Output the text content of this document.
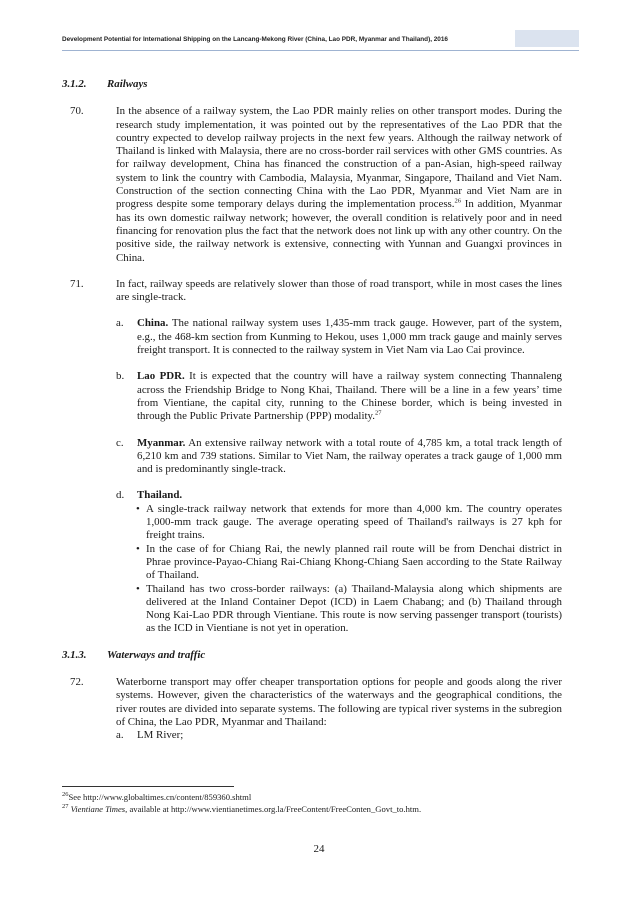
Development Potential for International Shipping on the Lancang-Mekong River (China, Lao PDR, Myanmar and Thailand), 2016

3.1.2. Railways

70.	In the absence of a railway system, the Lao PDR mainly relies on other transport modes. During the research study implementation, it was pointed out by the representatives of the Lao PDR that the country expected to develop railway projects in the next few years. Although the railway network of Thailand is linked with Malaysia, there are no cross-border rail services with other GMS countries. As for railway development, China has financed the construction of a pan-Asian, high-speed railway system to link the country with Cambodia, Malaysia, Myanmar, Singapore, Thailand and Viet Nam. Construction of the section connecting China with the Lao PDR, Myanmar and Viet Nam are in progress despite some temporary delays during the implementation process.$^{26}$ In addition, Myanmar has its own domestic railway network; however, the overall condition is relatively poor and in need financing for renovation plus the fact that the network does not link up with any other country. On the positive side, the railway network is extensive, connecting with Yunnan and Guangxi provinces in China.

71.	In fact, railway speeds are relatively slower than those of road transport, while in most cases the lines are single-track.

a. China. The national railway system uses 1,435-mm track gauge. However, part of the system, e.g., the 468-km section from Kunming to Hekou, uses 1,000 mm track gauge and mainly serves freight transport. It is connected to the railway system in Viet Nam via Lao Cai province.

b. Lao PDR. It is expected that the country will have a railway system connecting Thannaleng across the Friendship Bridge to Nong Khai, Thailand. There will be a line in a few years’ time from Vientiane, the capital city, running to the Chinese border, which is being invested in through the Public Private Partnership (PPP) modality.$^{27}$

c. Myanmar. An extensive railway network with a total route of 4,785 km, a total track length of 6,210 km and 739 stations. Similar to Viet Nam, the railway operates a track gauge of 1,000 mm and is predominantly single-track.

d. Thailand.

• A single-track railway network that extends for more than 4,000 km. The country operates 1,000-mm track gauge. The average operating speed of Thailand's railways is 27 kph for freight trains.
• In the case of for Chiang Rai, the newly planned rail route will be from Denchai district in Phrae province-Payao-Chiang Rai-Chiang Khong-Chiang Saen according to the State Railway of Thailand.
• Thailand has two cross-border railways: (a) Thailand-Malaysia along which shipments are delivered at the Inland Container Depot (ICD) in Laem Chabang; and (b) Thailand through Nong Kai-Lao PDR through Vientiane. This route is now serving passenger transport (tourists) as the ICD in Vientiane is not yet in operation.

3.1.3. Waterways and traffic

72.	Waterborne transport may offer cheaper transportation options for people and goods along the river systems. However, given the characteristics of the waterways and the geographical conditions, the river routes are divided into separate systems. The following are typical river systems in the subregion of China, the Lao PDR, Myanmar and Thailand:

a. LM River;

$^{26}$See http://www.globaltimes.cn/content/859360.shtml

$^{27}$ Vientiane Times, available at http://www.vientianetimes.org.la/FreeContent/FreeConten_Govt_to.htm.

24
